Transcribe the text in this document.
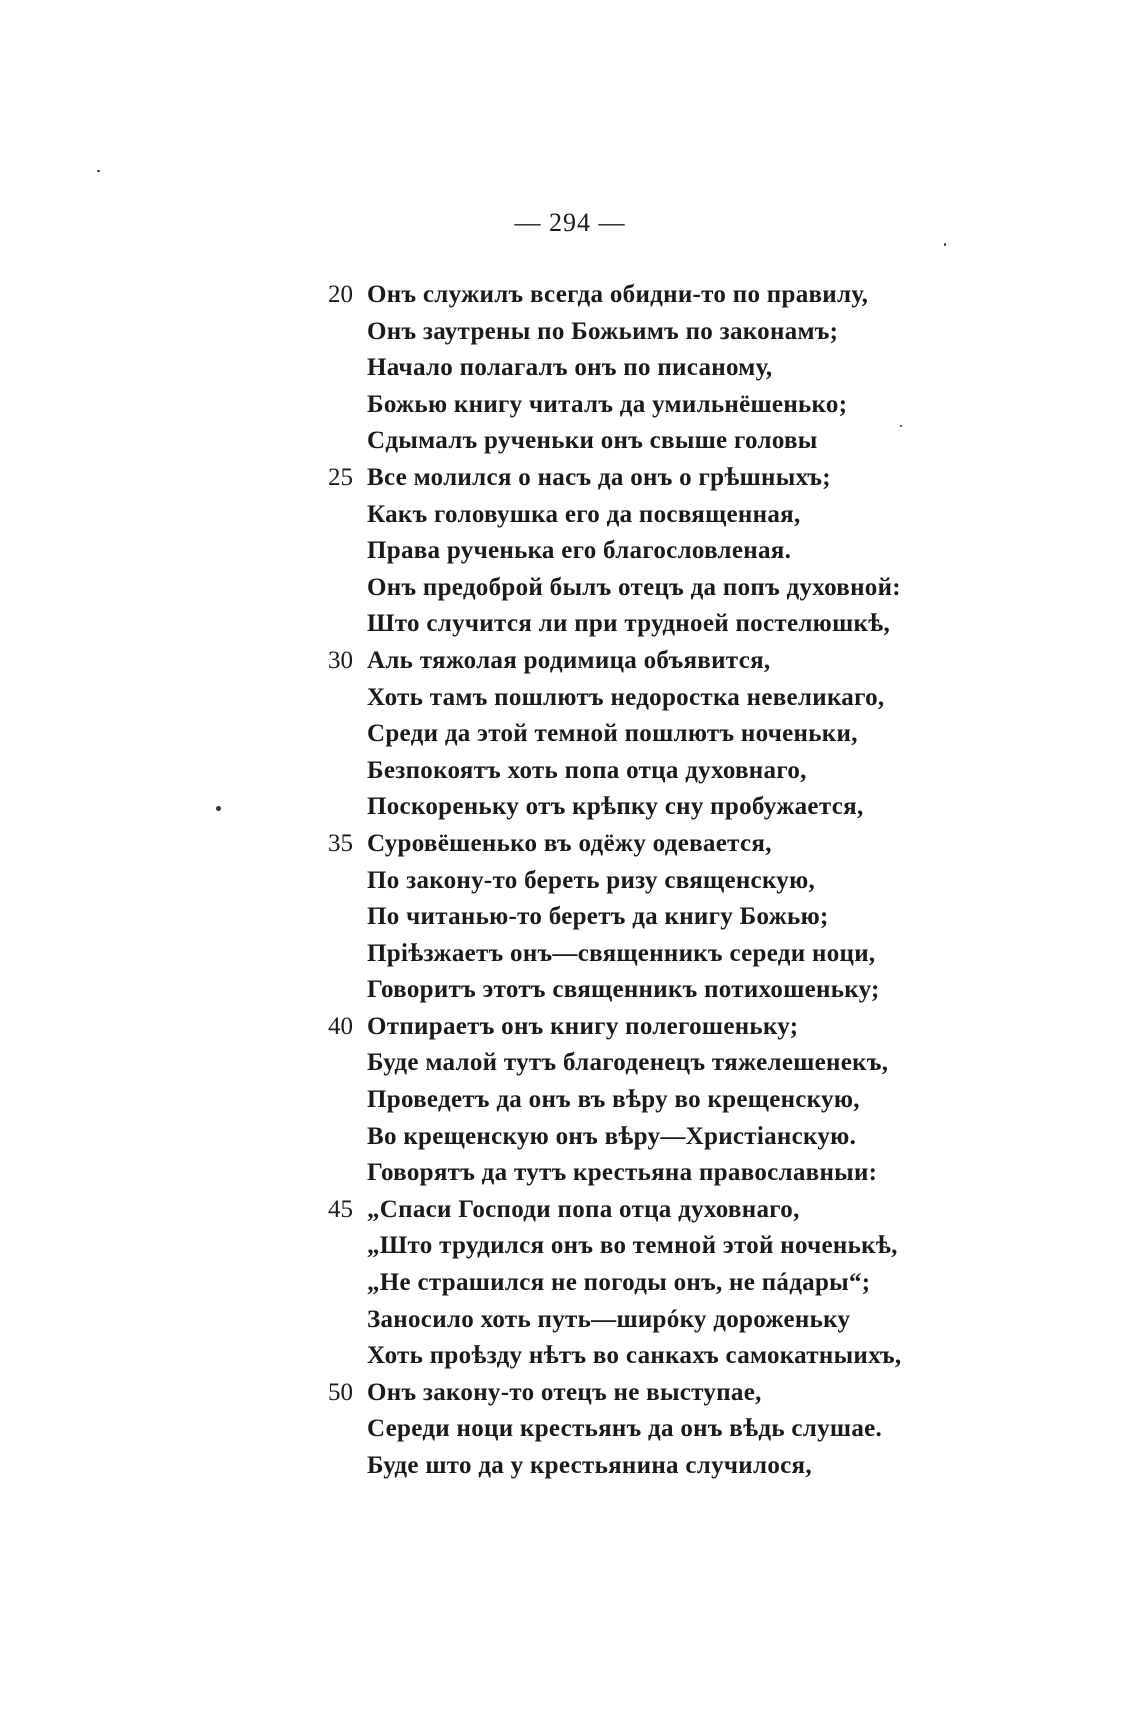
— 294 —
20 Онъ служилъ всегда обидни-то по правилу,
Онъ заутрены по Божьимъ по законамъ;
Начало полагалъ онъ по писаному,
Божью книгу читалъ да умильнёшенько;
Сдымалъ рученьки онъ свыше головы
25 Все молился о насъ да онъ о грѣшныхъ;
Какъ головушка его да посвященная,
Права рученька его благословленая.
Онъ предоброй былъ отецъ да попъ духовной:
Што случится ли при трудноей постелюшкѣ,
30 Аль тяжолая родимица объявится,
Хоть тамъ пошлютъ недоростка невеликаго,
Среди да этой темной пошлютъ ноченьки,
Безпокоятъ хоть попа отца духовнаго,
Поскореньку отъ крѣпку сну пробужается,
35 Суровёшенько въ одёжу одевается,
По закону-то береть ризу священскую,
По читанью-то беретъ да книгу Божью;
Пріѣзжаетъ онъ—священникъ середи ноци,
Говоритъ этотъ священникъ потихошеньку;
40 Отпираетъ онъ книгу полегошеньку;
Буде малой тутъ благоденецъ тяжелешенекъ,
Проведетъ да онъ въ вѣру во крещенскую,
Во крещенскую онъ вѣру—Христіанскую.
Говорятъ да тутъ крестьяна православныи:
45 „Спаси Господи попа отца духовнаго,
„Што трудился онъ во темной этой ноченькѣ,
„Не страшился не погоды онъ, не пáдары“;
Заносило хоть путь—ширóку дороженьку
Хоть проѣзду нѣтъ во санкахъ самокатныихъ,
50 Онъ закону-то отецъ не выступае,
Середи ноци крестьянъ да онъ вѣдь слушае.
Буде што да у крестьянина случилося,
